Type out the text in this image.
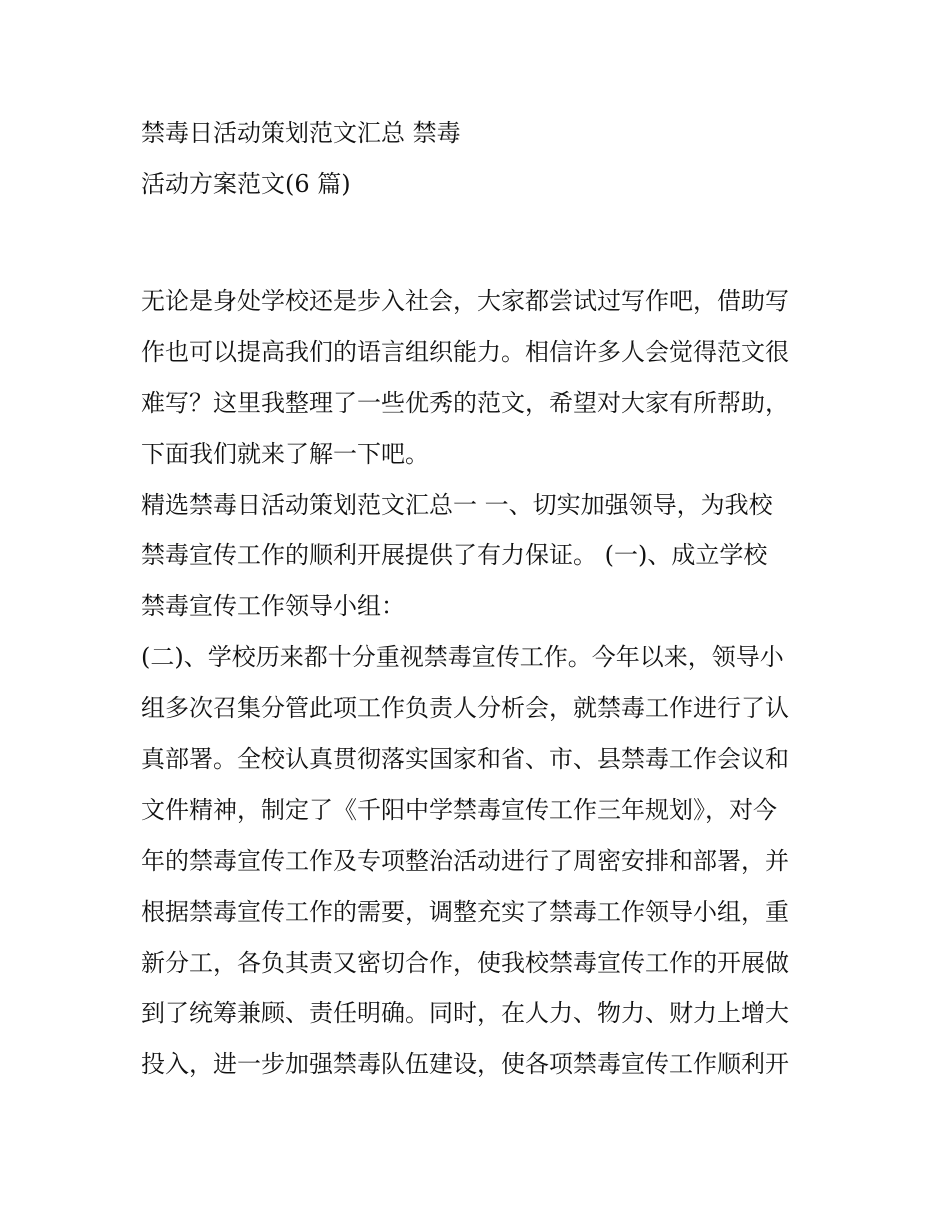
禁毒日活动策划范文汇总 禁毒
活动方案范文(6 篇)
无论是身处学校还是步入社会，大家都尝试过写作吧，借助写
作也可以提高我们的语言组织能力。相信许多人会觉得范文很
难写？这里我整理了一些优秀的范文，希望对大家有所帮助，
下面我们就来了解一下吧。
精选禁毒日活动策划范文汇总一 一、切实加强领导，为我校
禁毒宣传工作的顺利开展提供了有力保证。 (一)、成立学校
禁毒宣传工作领导小组：
(二)、学校历来都十分重视禁毒宣传工作。今年以来，领导小
组多次召集分管此项工作负责人分析会，就禁毒工作进行了认
真部署。全校认真贯彻落实国家和省、市、县禁毒工作会议和
文件精神，制定了《千阳中学禁毒宣传工作三年规划》，对今
年的禁毒宣传工作及专项整治活动进行了周密安排和部署，并
根据禁毒宣传工作的需要，调整充实了禁毒工作领导小组，重
新分工，各负其责又密切合作，使我校禁毒宣传工作的开展做
到了统筹兼顾、责任明确。同时，在人力、物力、财力上增大
投入，进一步加强禁毒队伍建设，使各项禁毒宣传工作顺利开
